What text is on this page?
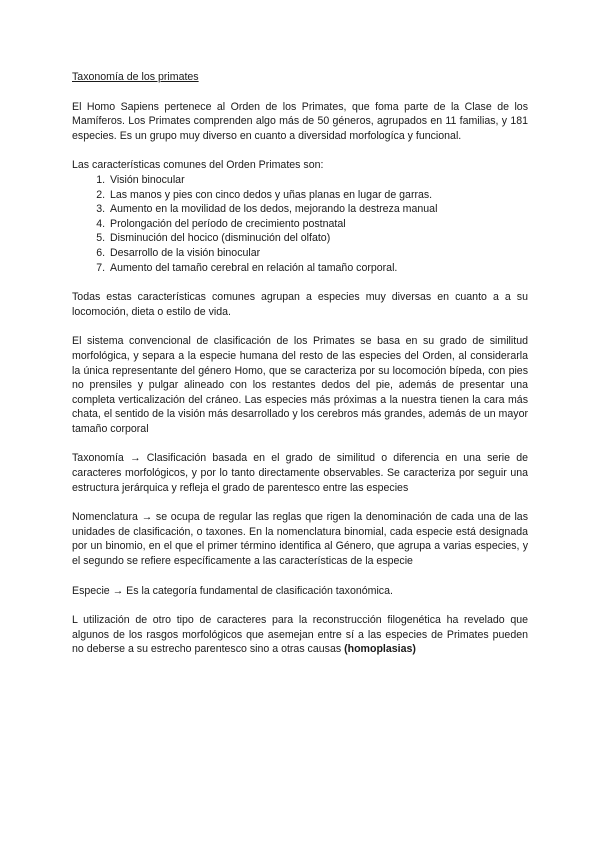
Taxonomía de los primates

El Homo Sapiens pertenece al Orden de los Primates, que foma parte de la Clase de los Mamíferos. Los Primates comprenden algo más de 50 géneros, agrupados en 11 familias, y 181 especies. Es un grupo muy diverso en cuanto a diversidad morfologíca y funcional.

Las características comunes del Orden Primates son:

1. Visión binocular
2. Las manos y pies con cinco dedos y uñas planas en lugar de garras.
3. Aumento en la movilidad de los dedos, mejorando la destreza manual
4. Prolongación del período de crecimiento postnatal
5. Disminución del hocico (disminución del olfato)
6. Desarrollo de la visión binocular
7. Aumento del tamaño cerebral en relación al tamaño corporal.

Todas estas características comunes agrupan a especies muy diversas en cuanto a a su locomoción, dieta o estilo de vida.

El sistema convencional de clasificación de los Primates se basa en su grado de similitud morfológica, y separa a la especie humana del resto de las especies del Orden, al considerarla la única representante del género Homo, que se caracteriza por su locomoción bípeda, con pies no prensiles y pulgar alineado con los restantes dedos del pie, además de presentar una completa verticalización del cráneo. Las especies más próximas a la nuestra tienen la cara más chata, el sentido de la visión más desarrollado y los cerebros más grandes, además de un mayor tamaño corporal

Taxonomía → Clasificación basada en el grado de similitud o diferencia en una serie de caracteres morfológicos, y por lo tanto directamente observables. Se caracteriza por seguir una estructura jerárquica y refleja el grado de parentesco entre las especies

Nomenclatura → se ocupa de regular las reglas que rigen la denominación de cada una de las unidades de clasificación, o taxones. En la nomenclatura binomial, cada especie está designada por un binomio, en el que el primer término identifica al Género, que agrupa a varias especies, y el segundo se refiere específicamente a las características de la especie

Especie → Es la categoría fundamental de clasificación taxonómica.

L utilización de otro tipo de caracteres para la reconstrucción filogenética ha revelado que algunos de los rasgos morfológicos que asemejan entre sí a las especies de Primates pueden no deberse a su estrecho parentesco sino a otras causas (homoplasias)
